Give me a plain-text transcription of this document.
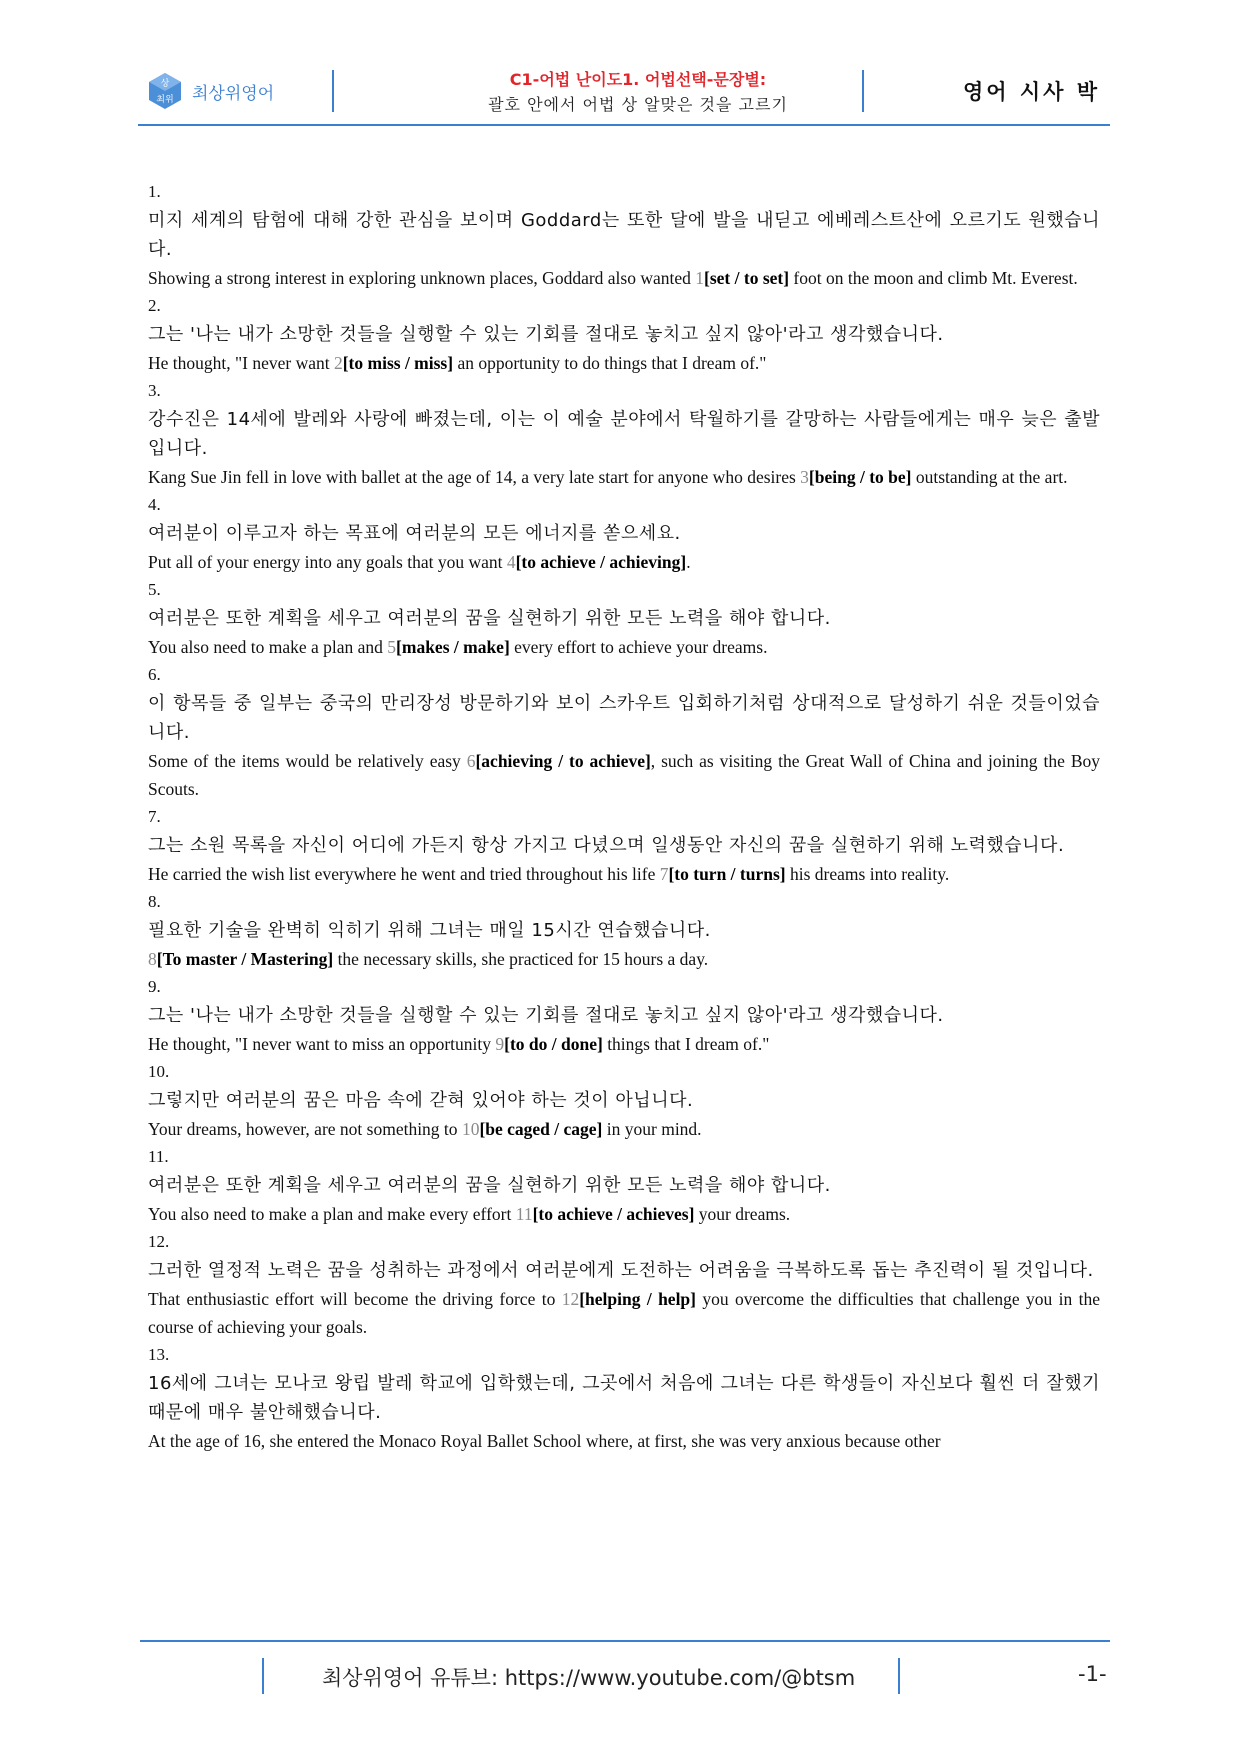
상
최위 최상위영어
C1-어법 난이도1. 어법선택-문장별:
괄호 안에서 어법 상 알맞은 것을 고르기
영어 시사 박
1.
미지 세계의 탐험에 대해 강한 관심을 보이며 Goddard는 또한 달에 발을 내딛고 에베레스트산에 오르기도 원했습니다.
Showing a strong interest in exploring unknown places, Goddard also wanted 1[set / to set] foot on the moon and climb Mt. Everest.
2.
그는 '나는 내가 소망한 것들을 실행할 수 있는 기회를 절대로 놓치고 싶지 않아'라고 생각했습니다.
He thought, "I never want 2[to miss / miss] an opportunity to do things that I dream of."
3.
강수진은 14세에 발레와 사랑에 빠졌는데, 이는 이 예술 분야에서 탁월하기를 갈망하는 사람들에게는 매우 늦은 출발입니다.
Kang Sue Jin fell in love with ballet at the age of 14, a very late start for anyone who desires 3[being / to be] outstanding at the art.
4.
여러분이 이루고자 하는 목표에 여러분의 모든 에너지를 쏟으세요.
Put all of your energy into any goals that you want 4[to achieve / achieving].
5.
여러분은 또한 계획을 세우고 여러분의 꿈을 실현하기 위한 모든 노력을 해야 합니다.
You also need to make a plan and 5[makes / make] every effort to achieve your dreams.
6.
이 항목들 중 일부는 중국의 만리장성 방문하기와 보이 스카우트 입회하기처럼 상대적으로 달성하기 쉬운 것들이었습니다.
Some of the items would be relatively easy 6[achieving / to achieve], such as visiting the Great Wall of China and joining the Boy Scouts.
7.
그는 소원 목록을 자신이 어디에 가든지 항상 가지고 다녔으며 일생동안 자신의 꿈을 실현하기 위해 노력했습니다.
He carried the wish list everywhere he went and tried throughout his life 7[to turn / turns] his dreams into reality.
8.
필요한 기술을 완벽히 익히기 위해 그녀는 매일 15시간 연습했습니다.
8[To master / Mastering] the necessary skills, she practiced for 15 hours a day.
9.
그는 '나는 내가 소망한 것들을 실행할 수 있는 기회를 절대로 놓치고 싶지 않아'라고 생각했습니다.
He thought, "I never want to miss an opportunity 9[to do / done] things that I dream of."
10.
그렇지만 여러분의 꿈은 마음 속에 갇혀 있어야 하는 것이 아닙니다.
Your dreams, however, are not something to 10[be caged / cage] in your mind.
11.
여러분은 또한 계획을 세우고 여러분의 꿈을 실현하기 위한 모든 노력을 해야 합니다.
You also need to make a plan and make every effort 11[to achieve / achieves] your dreams.
12.
그러한 열정적 노력은 꿈을 성취하는 과정에서 여러분에게 도전하는 어려움을 극복하도록 돕는 추진력이 될 것입니다.
That enthusiastic effort will become the driving force to 12[helping / help] you overcome the difficulties that challenge you in the course of achieving your goals.
13.
16세에 그녀는 모나코 왕립 발레 학교에 입학했는데, 그곳에서 처음에 그녀는 다른 학생들이 자신보다 훨씬 더 잘했기 때문에 매우 불안해했습니다.
At the age of 16, she entered the Monaco Royal Ballet School where, at first, she was very anxious because other
최상위영어 유튜브: https://www.youtube.com/@btsm	-1-
